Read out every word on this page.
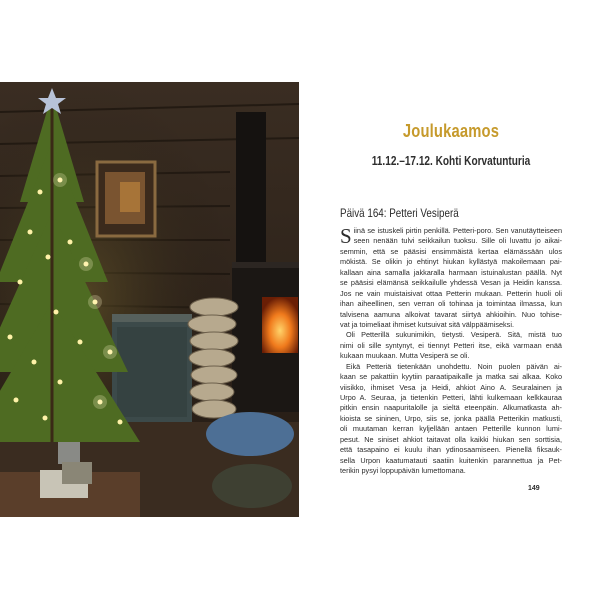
Joulukaamos
11.12.–17.12. Kohti Korvatunturia
Päivä 164: Petteri Vesiperä
S iinä se istuskeli pirtin penkillä. Petteri-poro. Sen vanutäytteiseen
seen nenään tulvi seikkailun tuoksu. Sille oli luvattu jo aikai-
semmin, että se pääsisi ensimmäistä kertaa elämässään ulos
mökistä. Se olikin jo ehtinyt hiukan kyllästyä makoilemaan pai-
kallaan aina samalla jakkaralla harmaan istuinalustan päällä. Nyt
se pääsisi elämänsä seikkailulle yhdessä Vesan ja Heidin kanssa.
Jos ne vain muistaisivat ottaa Petterin mukaan. Petterin huoli oli
ihan aiheellinen, sen verran oli tohinaa ja toimintaa ilmassa, kun
talvisena aamuna alkoivat tavarat siirtyä ahkioihin. Nuo tohise-
vat ja toimeliaat ihmiset kutsuivat sitä välppäämiseksi.
Oli Petterillä sukunimikin, tietysti. Vesiperä. Sitä, mistä tuo
nimi oli sille syntynyt, ei tiennyt Petteri itse, eikä varmaan enää
kukaan muukaan. Mutta Vesiperä se oli.
Eikä Petteriä tietenkään unohdettu. Noin puolen päivän ai-
kaan se pakattiin kyytiin paraatipaikalle ja matka sai alkaa. Koko
viisikko, ihmiset Vesa ja Heidi, ahkiot Aino A. Seuralainen ja
Urpo A. Seuraa, ja tietenkin Petteri, lähti kulkemaan kelkkauraa
pitkin ensin naapuritalolle ja sieltä eteenpäin. Alkumatkasta ah-
kioista se sininen, Urpo, siis se, jonka päällä Petterikin matkusti,
oli muutaman kerran kyljellään antaen Petterille kunnon lumi-
pesut. Ne siniset ahkiot taitavat olla kaikki hiukan sen sorttisia,
että tasapaino ei kuulu ihan ydinosaamiseen. Pienellä fiksauk-
sella Urpon kaatumatauti saatiin kuitenkin parannettua ja Pet-
terikin pysyi loppupäivän lumettomana.
149
